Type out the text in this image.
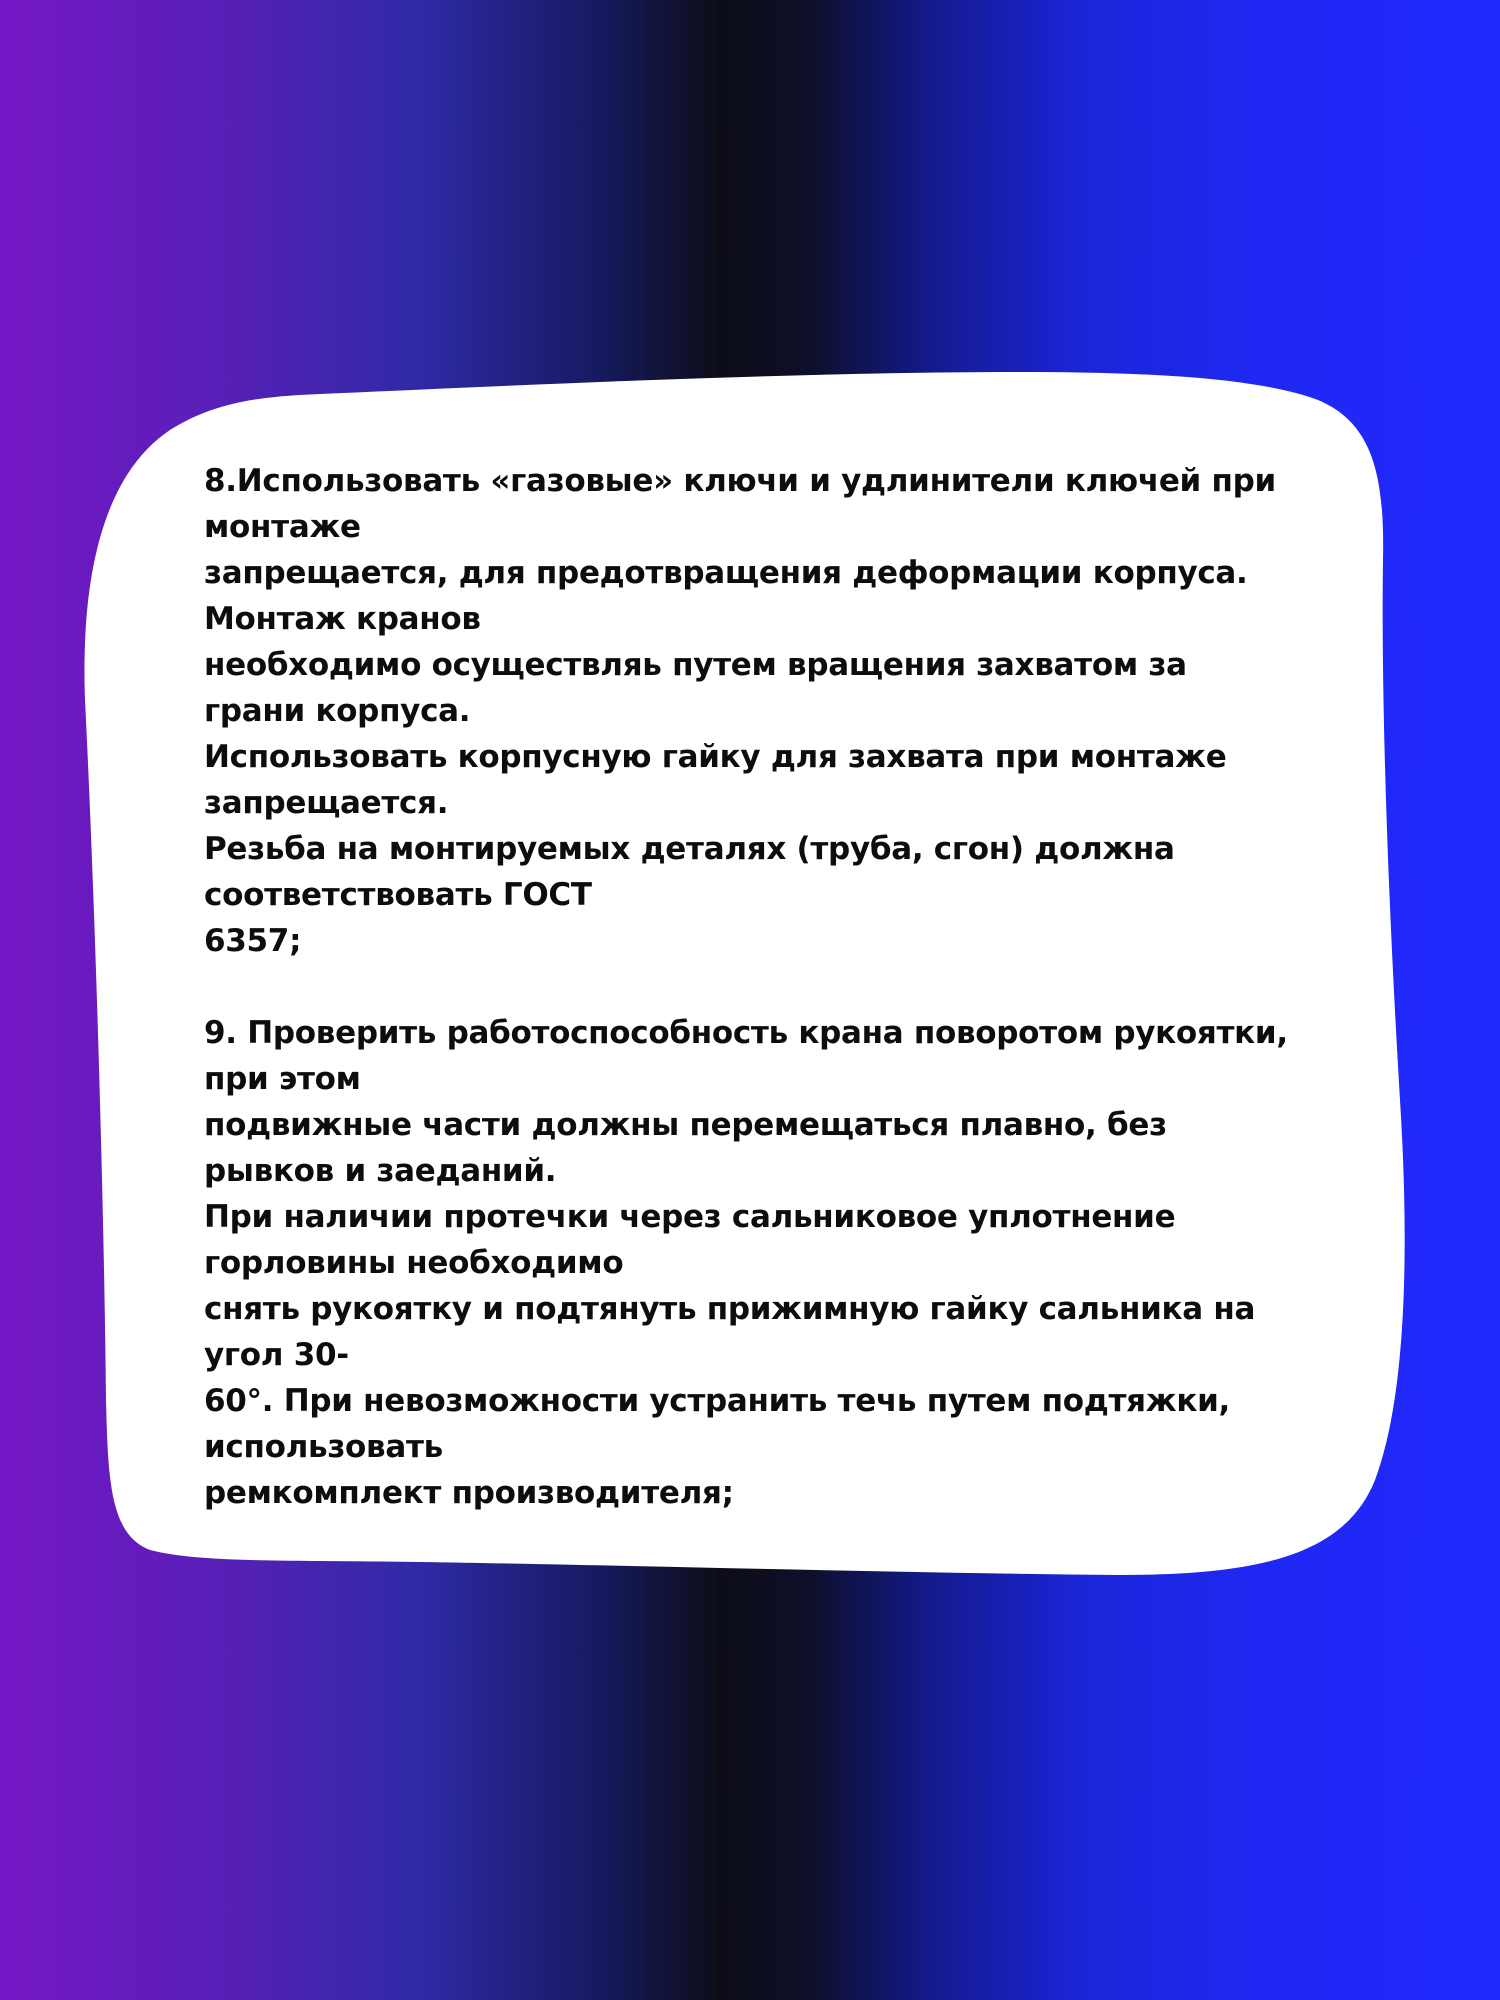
8.Использовать «газовые» ключи и удлинители ключей при
монтаже
запрещается, для предотвращения деформации корпуса.
Монтаж кранов
необходимо осуществляь путем вращения захватом за
грани корпуса.
Использовать корпусную гайку для захвата при монтаже
запрещается.
Резьба на монтируемых деталях (труба, сгон) должна
соответствовать ГОСТ
6357;
9. Проверить работоспособность крана поворотом рукоятки,
при этом
подвижные части должны перемещаться плавно, без
рывков и заеданий.
При наличии протечки через сальниковое уплотнение
горловины необходимо
снять рукоятку и подтянуть прижимную гайку сальника на
угол 30-
60°. При невозможности устранить течь путем подтяжки,
использовать
ремкомплект производителя;
